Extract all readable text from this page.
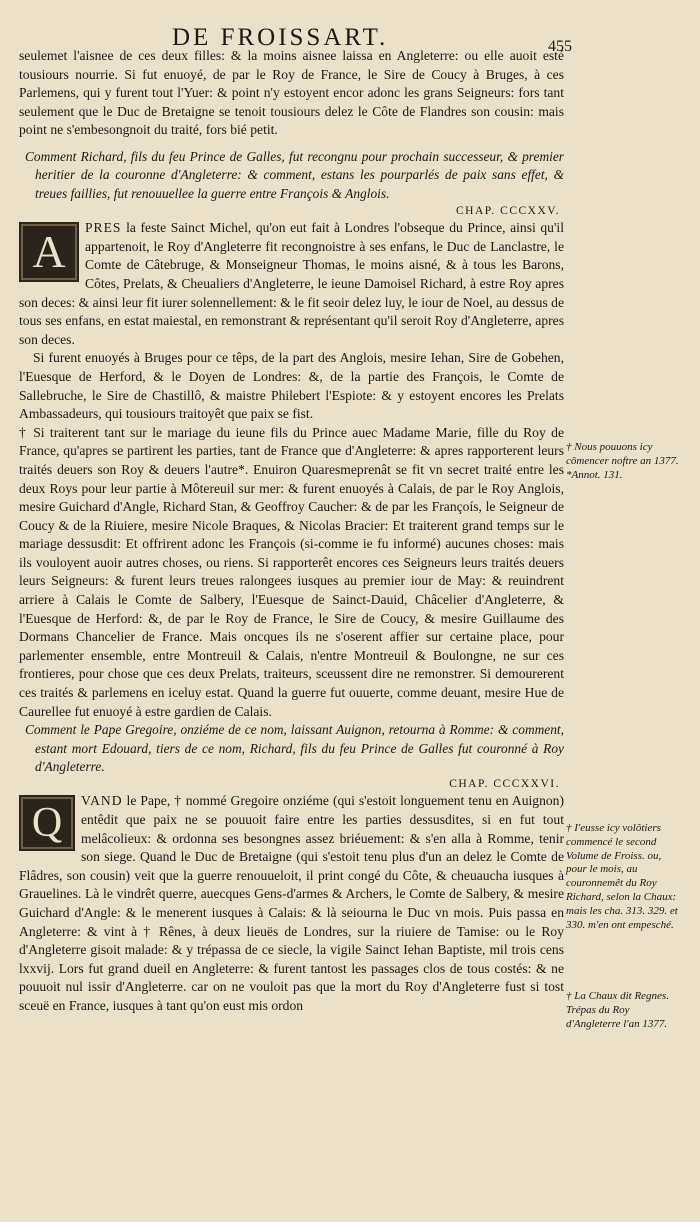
DE FROISSART.	455

seulemet l'aisnee de ces deux filles: & la moins aisnee laissa en Angleterre: ou elle auoit esté tousiours nourrie. Si fut enuoyé, de par le Roy de France, le Sire de Coucy à Bruges, à ces Parlemens, qui y furent tout l'Yuer: & point n'y estoyent encor adonc les grans Seigneurs: fors tant seulement que le Duc de Bretaigne se tenoit tousiours delez le Côte de Flandres son cousin: mais point ne s'embesongnoit du traité, fors bié petit.

Comment Richard, fils du feu Prince de Galles, fut recongnu pour prochain successeur, & premier heritier de la couronne d'Angleterre: & comment, estans les pourparlés de paix sans effet, & treues faillies, fut renouuellee la guerre entre François & Anglois.

CHAP. CCCXXV.

A	PRES la feste Sainct Michel, qu'on eut fait à Londres l'obseque du Prince, ainsi qu'il appartenoit, le Roy d'Angleterre fit recongnoistre à ses enfans, le Duc de Lanclastre, le Comte de Câtebruge, & Monseigneur Thomas, le moins aisné, & à tous les Barons, Côtes, Prelats, & Cheualiers d'Angleterre, le ieune Damoisel Richard, à estre Roy apres son deces: & ainsi leur fit iurer solennellement: & le fit seoir delez luy, le iour de Noel, au dessus de tous ses enfans, en estat maiestal, en remonstrant & représentant qu'il seroit Roy d'Angleterre, apres son deces.

Si furent enuoyés à Bruges pour ce têps, de la part des Anglois, mesire Iehan, Sire de Gobehen, l'Euesque de Herford, & le Doyen de Londres: &, de la partie des François, le Comte de Sallebruche, le Sire de Chastillô, & maistre Philebert l'Espiote: & y estoyent encores les Prelats Ambassadeurs, qui tousiours traitoyêt que paix se fist.

† Si traiterent tant sur le mariage du ieune fils du Prince auec Madame Marie, fille du Roy de France, qu'apres se partirent les parties, tant de France que d'Angleterre: & apres rapporterent leurs traités deuers son Roy & deuers l'autre*. Enuiron Quaresmeprenât se fit vn secret traité entre les deux Roys pour leur partie à Môtereuil sur mer: & furent enuoyés à Calais, de par le Roy Anglois, mesire Guichard d'Angle, Richard Stan, & Geoffroy Caucher: & de par les Françoís, le Seigneur de Coucy & de la Riuiere, mesire Nicole Braques, & Nicolas Bracier: Et traiterent grand temps sur le mariage dessusdit: Et offrirent adonc les François (si-comme ie fu informé) aucunes choses: mais ils vouloyent auoir autres choses, ou riens. Si rapporterêt encores ces Seigneurs leurs traités deuers leurs Seigneurs: & furent leurs treues ralongees iusques au premier iour de May: & reuindrent arriere à Calais le Comte de Salbery, l'Euesque de Sainct-Dauid, Châcelier d'Angleterre, & l'Euesque de Herford: &, de par le Roy de France, le Sire de Coucy, & mesire Guillaume des Dormans Chancelier de France. Mais oncques ils ne s'oserent affier sur certaine place, pour parlementer ensemble, entre Montreuil & Calais, n'entre Montreuil & Boulongne, ne sur ces frontieres, pour chose que ces deux Prelats, traiteurs, sceussent dire ne remonstrer. Si demourerent ces traités & parlemens en iceluy estat. Quand la guerre fut ouuerte, comme deuant, mesire Hue de Caurellee fut enuoyé à estre gardien de Calais.

Comment le Pape Gregoire, onziéme de ce nom, laissant Auignon, retourna à Romme: & comment, estant mort Edouard, tiers de ce nom, Richard, fils du feu Prince de Galles fut couronné à Roy d'Angleterre.

CHAP. CCCXXVI.

Q	VAND le Pape, † nommé Gregoire onziéme (qui s'estoit longuement tenu en Auignon) entêdit que paix ne se pouuoit faire entre les parties dessusdites, si en fut tout melâcolieux: & ordonna ses besongnes assez briéuement: & s'en alla à Romme, tenir son siege. Quand le Duc de Bretaigne (qui s'estoit tenu plus d'un an delez le Comte de Flâdres, son cousin) veit que la guerre renouueloit, il print congé du Côte, & cheuaucha iusques à Grauelines. Là le vindrêt querre, auecques Gens-d'armes & Archers, le Comte de Salbery, & mesire Guichard d'Angle: & le menerent iusques à Calais: & là seiourna le Duc vn mois. Puis passa en Angleterre: & vint à † Rênes, à deux lieuës de Londres, sur la riuiere de Tamise: ou le Roy d'Angleterre gisoit malade: & y trépassa de ce siecle, la vigile Sainct Iehan Baptiste, mil trois cens lxxvij. Lors fut grand dueil en Angleterre: & furent tantost les passages clos de tous costés: & ne pouuoit nul issir d'Angleterre. car on ne vouloit pas que la mort du Roy d'Angleterre fust si tost sceuë en France, iusques à tant qu'on eust mis ordon

† Nous pouuons icy cômencer noftre an 1377. *Annot. 131.
† I'eusse icy volôtiers commencé le second Volume de Froiss. ou, pour le mois, au couronnemêt du Roy Richard, selon la Chaux: mais les cha. 313. 329. et 330. m'en ont empesché.
† La Chaux dit Regnes. Trépas du Roy d'Angleterre l'an 1377.
